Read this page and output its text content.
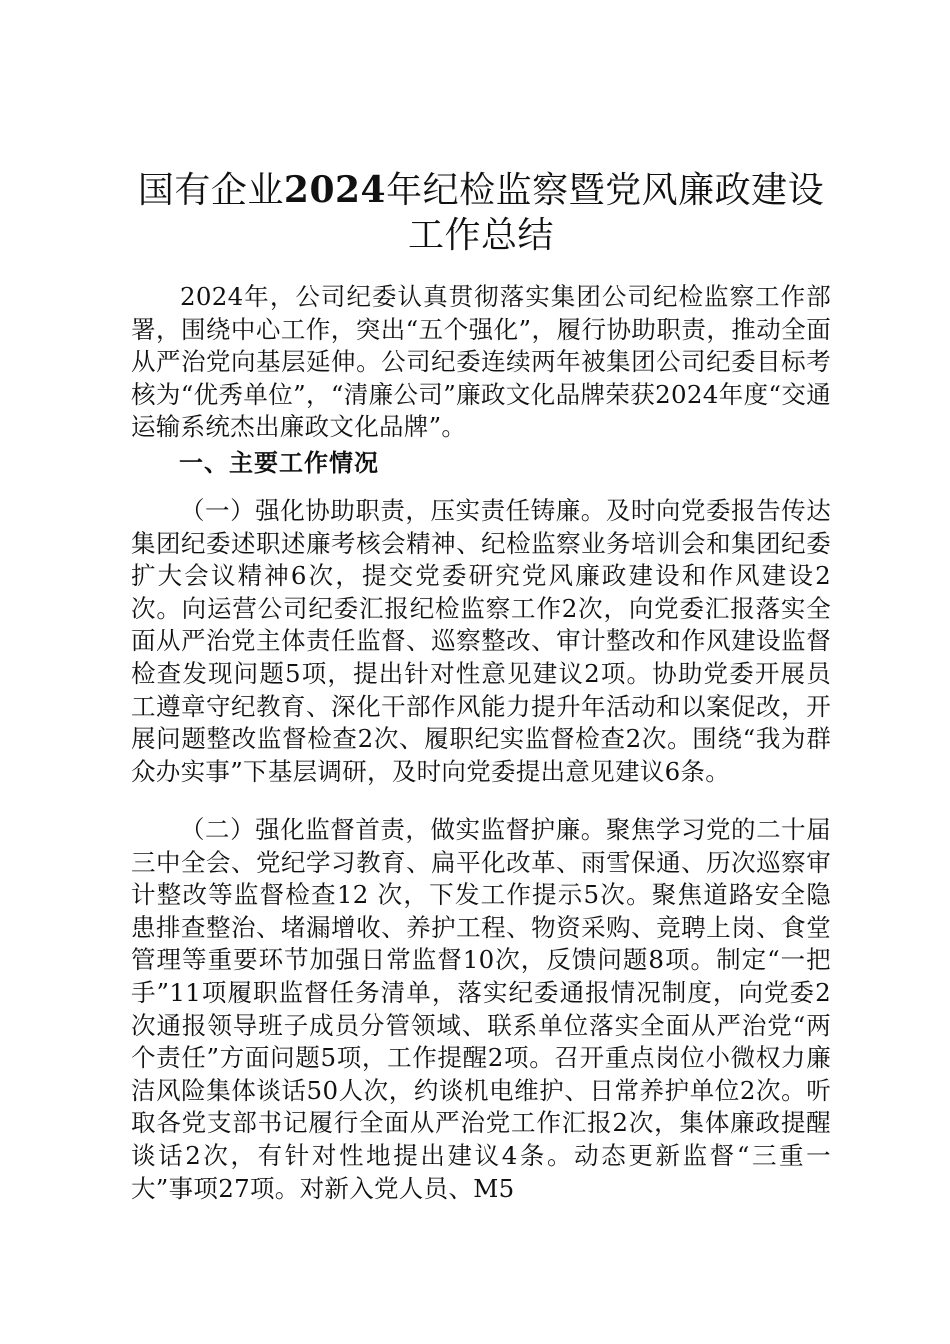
国有企业2024年纪检监察暨党风廉政建设工作总结

2024年，公司纪委认真贯彻落实集团公司纪检监察工作部署，围绕中心工作，突出“五个强化”，履行协助职责，推动全面从严治党向基层延伸。公司纪委连续两年被集团公司纪委目标考核为“优秀单位”，“清廉公司”廉政文化品牌荣获2024年度“交通运输系统杰出廉政文化品牌”。

一、主要工作情况

（一）强化协助职责，压实责任铸廉。及时向党委报告传达集团纪委述职述廉考核会精神、纪检监察业务培训会和集团纪委扩大会议精神6次，提交党委研究党风廉政建设和作风建设2次。向运营公司纪委汇报纪检监察工作2次，向党委汇报落实全面从严治党主体责任监督、巡察整改、审计整改和作风建设监督检查发现问题5项，提出针对性意见建议2项。协助党委开展员工遵章守纪教育、深化干部作风能力提升年活动和以案促改，开展问题整改监督检查2次、履职纪实监督检查2次。围绕“我为群众办实事”下基层调研，及时向党委提出意见建议6条。

（二）强化监督首责，做实监督护廉。聚焦学习党的二十届三中全会、党纪学习教育、扁平化改革、雨雪保通、历次巡察审计整改等监督检查12 次，下发工作提示5次。聚焦道路安全隐患排查整治、堵漏增收、养护工程、物资采购、竞聘上岗、食堂管理等重要环节加强日常监督10次，反馈问题8项。制定“一把手”11项履职监督任务清单，落实纪委通报情况制度，向党委2次通报领导班子成员分管领域、联系单位落实全面从严治党“两个责任”方面问题5项，工作提醒2项。召开重点岗位小微权力廉洁风险集体谈话50人次，约谈机电维护、日常养护单位2次。听取各党支部书记履行全面从严治党工作汇报2次，集体廉政提醒谈话2次，有针对性地提出建议4条。动态更新监督“三重一大”事项27项。对新入党人员、M5
